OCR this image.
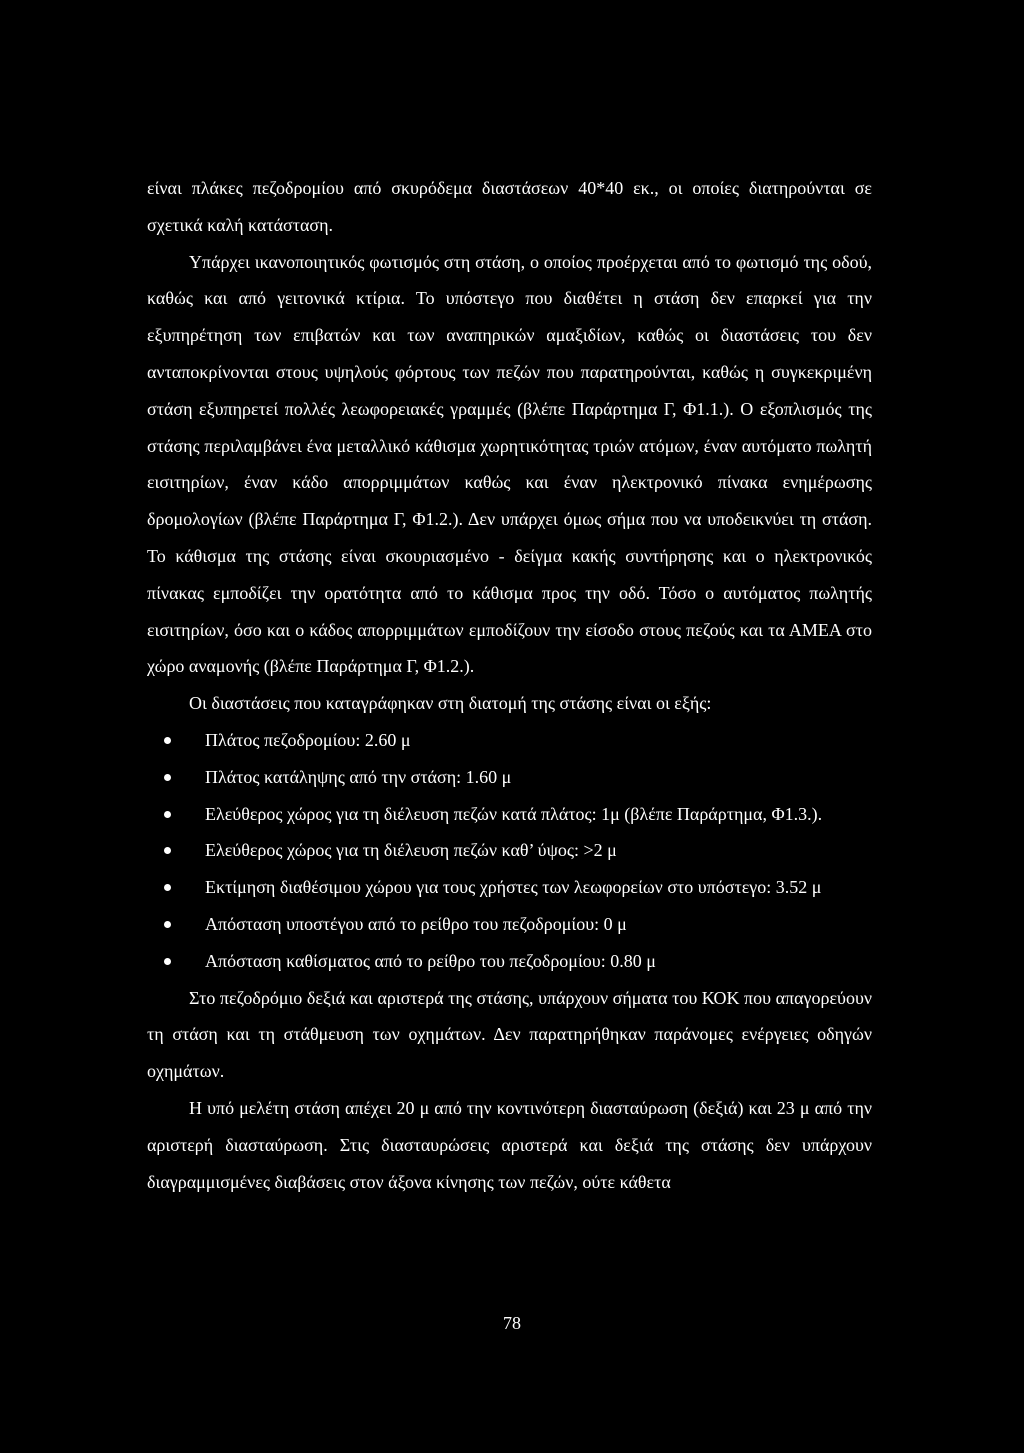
είναι πλάκες πεζοδρομίου από σκυρόδεμα διαστάσεων 40*40 εκ., οι οποίες διατηρούνται σε σχετικά καλή κατάσταση.

Υπάρχει ικανοποιητικός φωτισμός στη στάση, ο οποίος προέρχεται από το φωτισμό της οδού, καθώς και από γειτονικά κτίρια. Το υπόστεγο που διαθέτει η στάση δεν επαρκεί για την εξυπηρέτηση των επιβατών και των αναπηρικών αμαξιδίων, καθώς οι διαστάσεις του δεν ανταποκρίνονται στους υψηλούς φόρτους των πεζών που παρατηρούνται, καθώς η συγκεκριμένη στάση εξυπηρετεί πολλές λεωφορειακές γραμμές (βλέπε Παράρτημα Γ, Φ1.1.). Ο εξοπλισμός της στάσης περιλαμβάνει ένα μεταλλικό κάθισμα χωρητικότητας τριών ατόμων, έναν αυτόματο πωλητή εισιτηρίων, έναν κάδο απορριμμάτων καθώς και έναν ηλεκτρονικό πίνακα ενημέρωσης δρομολογίων (βλέπε Παράρτημα Γ, Φ1.2.). Δεν υπάρχει όμως σήμα που να υποδεικνύει τη στάση. Το κάθισμα της στάσης είναι σκουριασμένο - δείγμα κακής συντήρησης και ο ηλεκτρονικός πίνακας εμποδίζει την ορατότητα από το κάθισμα προς την οδό. Τόσο ο αυτόματος πωλητής εισιτηρίων, όσο και ο κάδος απορριμμάτων εμποδίζουν την είσοδο στους πεζούς και τα ΑΜΕΑ στο χώρο αναμονής (βλέπε Παράρτημα Γ, Φ1.2.).

Οι διαστάσεις που καταγράφηκαν στη διατομή της στάσης είναι οι εξής:

Πλάτος πεζοδρομίου: 2.60 μ
Πλάτος κατάληψης από την στάση: 1.60 μ
Ελεύθερος χώρος για τη διέλευση πεζών κατά πλάτος: 1μ (βλέπε Παράρτημα, Φ1.3.).
Ελεύθερος χώρος για τη διέλευση πεζών καθ’ ύψος: >2 μ
Εκτίμηση διαθέσιμου χώρου για τους χρήστες των λεωφορείων στο υπόστεγο: 3.52 μ
Απόσταση υποστέγου από το ρείθρο του πεζοδρομίου: 0 μ
Απόσταση καθίσματος από το ρείθρο του πεζοδρομίου: 0.80 μ

Στο πεζοδρόμιο δεξιά και αριστερά της στάσης, υπάρχουν σήματα του ΚΟΚ που απαγορεύουν τη στάση και τη στάθμευση των οχημάτων. Δεν παρατηρήθηκαν παράνομες ενέργειες οδηγών οχημάτων.

Η υπό μελέτη στάση απέχει 20 μ από την κοντινότερη διασταύρωση (δεξιά) και 23 μ από την αριστερή διασταύρωση. Στις διασταυρώσεις αριστερά και δεξιά της στάσης δεν υπάρχουν διαγραμμισμένες διαβάσεις στον άξονα κίνησης των πεζών, ούτε κάθετα

78
